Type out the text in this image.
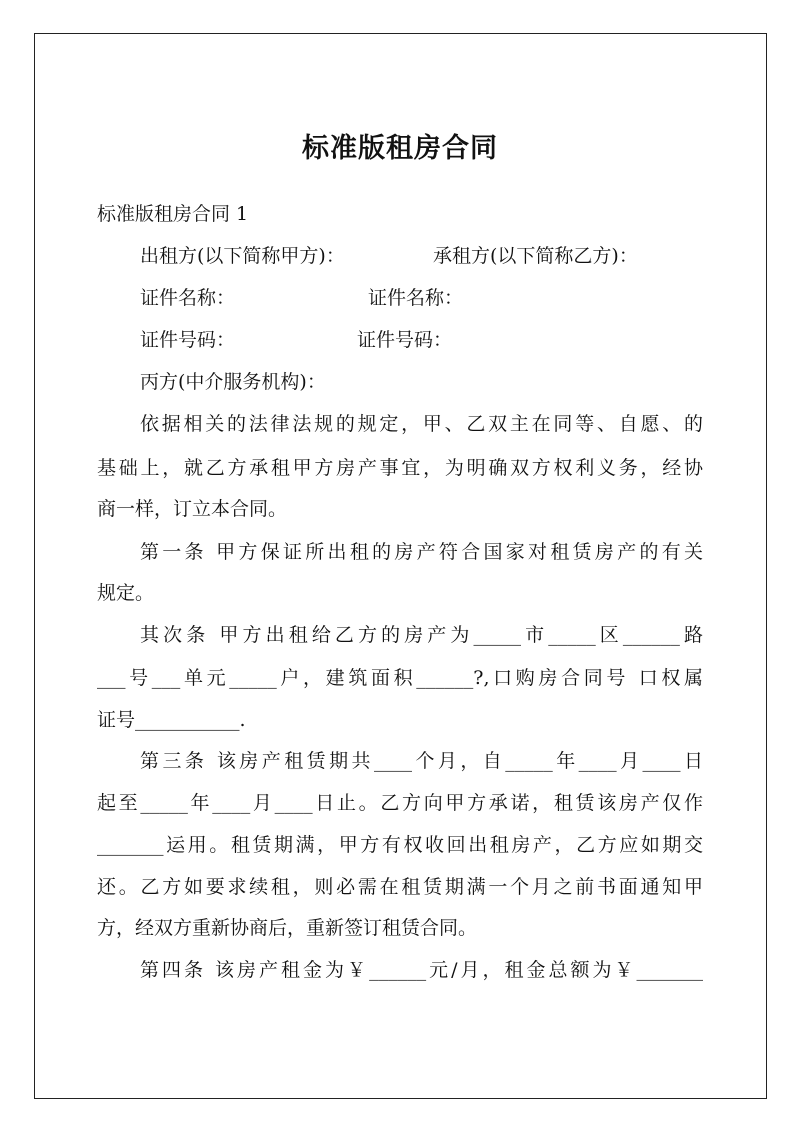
标准版租房合同
标准版租房合同 1
出租方(以下简称甲方)：	承租方(以下简称乙方)：
证件名称：	证件名称：
证件号码：	证件号码：
丙方(中介服务机构)：
依据相关的法律法规的规定，甲、乙双主在同等、自愿、的
基础上，就乙方承租甲方房产事宜，为明确双方权利义务，经协
商一样，订立本合同。
第一条 甲方保证所出租的房产符合国家对租赁房产的有关
规定。
其次条 甲方出租给乙方的房产为_____市_____区______路
___号___单元_____户，建筑面积______?,口购房合同号 口权属
证号___________.
第三条 该房产租赁期共____个月，自_____年____月____日
起至_____年____月____日止。乙方向甲方承诺，租赁该房产仅作
_______运用。租赁期满，甲方有权收回出租房产，乙方应如期交
还。乙方如要求续租，则必需在租赁期满一个月之前书面通知甲
方，经双方重新协商后，重新签订租赁合同。
第四条 该房产租金为￥______元/月，租金总额为￥_______
